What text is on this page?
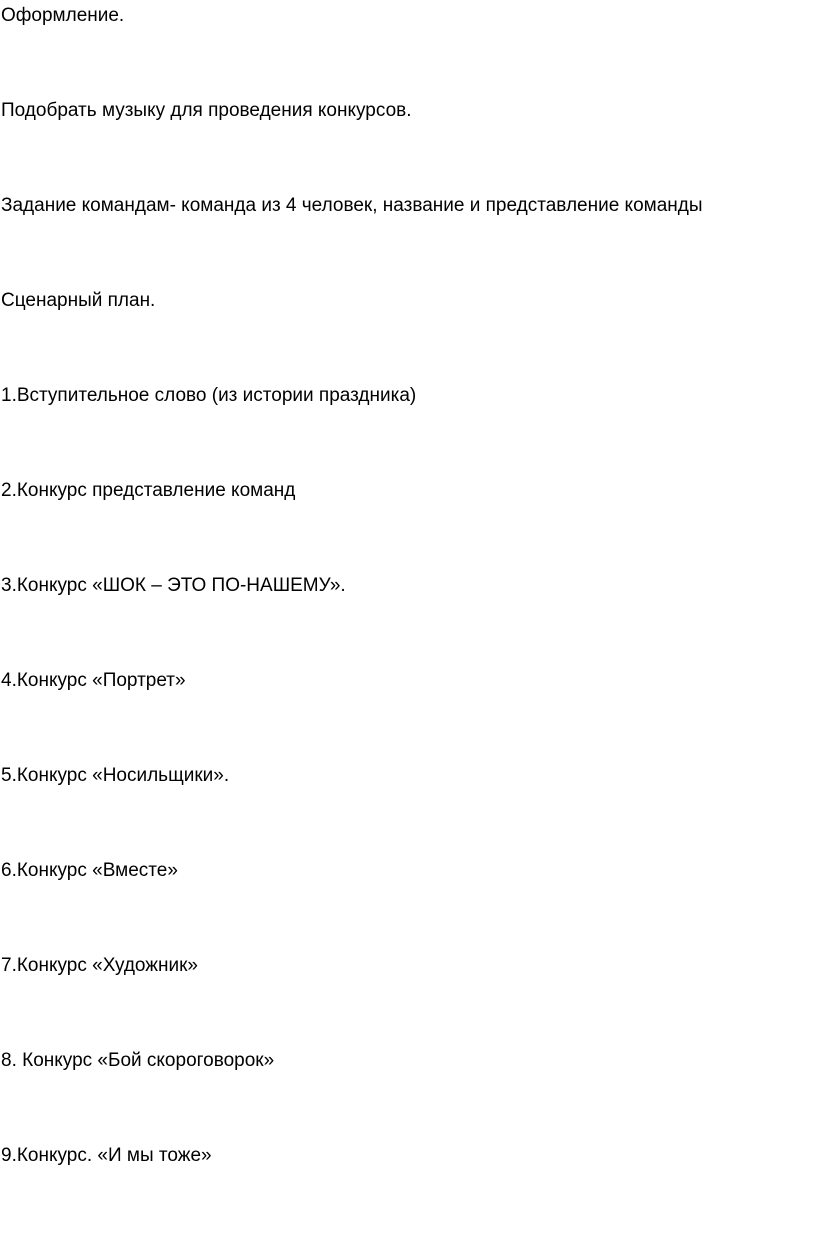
Оформление.

Подобрать музыку для проведения конкурсов.

Задание командам- команда из 4 человек, название и представление команды

Сценарный план.

1.Вступительное слово (из истории праздника)

2.Конкурс представление команд

3.Конкурс «ШОК – ЭТО ПО-НАШЕМУ».

4.Конкурс «Портрет»

5.Конкурс «Носильщики».

6.Конкурс «Вместе»

7.Конкурс «Художник»

8. Конкурс «Бой скороговорок»

9.Конкурс. «И мы тоже»
